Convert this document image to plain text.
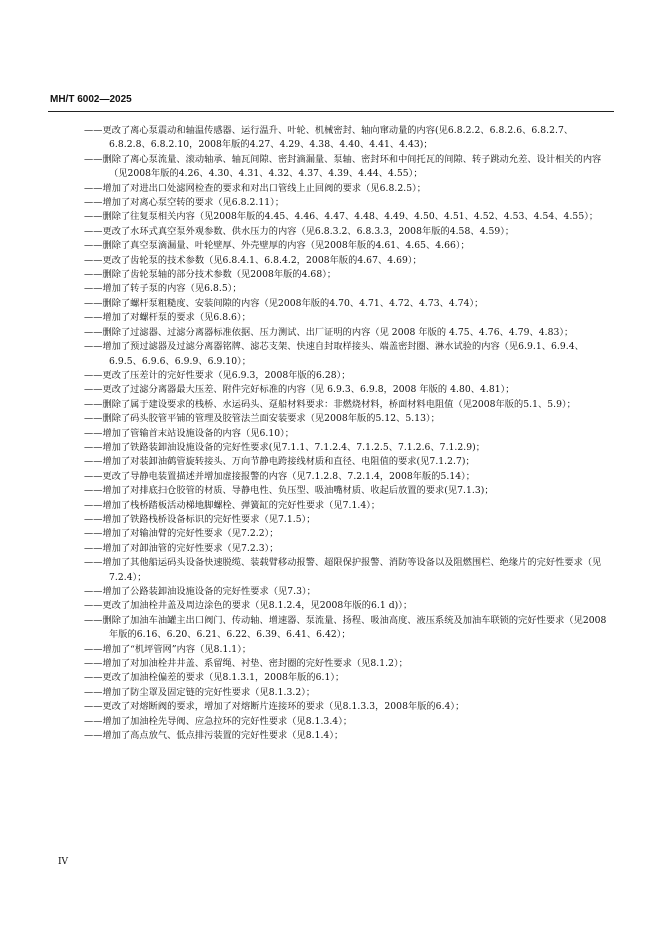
MH/T 6002—2025
——更改了离心泵震动和轴温传感器、运行温升、叶轮、机械密封、轴向窜动量的内容(见6.8.2.2、6.8.2.6、6.8.2.7、6.8.2.8、6.8.2.10，2008年版的4.27、4.29、4.38、4.40、4.41、4.43)；
——删除了离心泵流量、滚动轴承、轴瓦间隙、密封滴漏量、泵轴、密封环和中间托瓦的间隙、转子跳动允差、设计相关的内容（见2008年版的4.26、4.30、4.31、4.32、4.37、4.39、4.44、4.55）；
——增加了对进出口处滤网检查的要求和对出口管线上止回阀的要求（见6.8.2.5）；
——增加了对离心泵空转的要求（见6.8.2.11）；
——删除了往复泵相关内容（见2008年版的4.45、4.46、4.47、4.48、4.49、4.50、4.51、4.52、4.53、4.54、4.55）；
——更改了水环式真空泵外观参数、供水压力的内容（见6.8.3.2、6.8.3.3，2008年版的4.58、4.59）；
——删除了真空泵滴漏量、叶轮壁厚、外壳壁厚的内容（见2008年版的4.61、4.65、4.66）；
——更改了齿轮泵的技术参数（见6.8.4.1、6.8.4.2，2008年版的4.67、4.69）；
——删除了齿轮泵轴的部分技术参数（见2008年版的4.68）；
——增加了转子泵的内容（见6.8.5）；
——删除了螺杆泵粗糙度、安装间隙的内容（见2008年版的4.70、4.71、4.72、4.73、4.74）；
——增加了对螺杆泵的要求（见6.8.6）；
——删除了过滤器、过滤分离器标准依据、压力测试、出厂证明的内容（见 2008 年版的 4.75、4.76、4.79、4.83）；
——增加了预过滤器及过滤分离器铭牌、滤芯支架、快速自封取样接头、端盖密封圈、淋水试验的内容（见6.9.1、6.9.4、6.9.5、6.9.6、6.9.9、6.9.10）；
——更改了压差计的完好性要求（见6.9.3，2008年版的6.28）；
——更改了过滤分离器最大压差、附件完好标准的内容（见 6.9.3、6.9.8，2008 年版的 4.80、4.81）；
——删除了属于建设要求的栈桥、水运码头、趸船材料要求：非燃烧材料，桥面材料电阻值（见2008年版的5.1、5.9）；
——删除了码头胶管平铺的管理及胶管法兰面安装要求（见2008年版的5.12、5.13）；
——增加了管输首末站设施设备的内容（见6.10）；
——增加了铁路装卸油设施设备的完好性要求(见7.1.1、7.1.2.4、7.1.2.5、7.1.2.6、7.1.2.9)；
——增加了对装卸油鹤管旋转接头、万向节静电跨接线材质和直径、电阻值的要求(见7.1.2.7)；
——更改了导静电装置描述并增加虚接报警的内容（见7.1.2.8、7.2.1.4，2008年版的5.14）；
——增加了对排底扫仓胶管的材质、导静电性、负压型、吸油嘴材质、收起后放置的要求(见7.1.3)；
——增加了栈桥踏板活动梯地脚螺栓、弹簧缸的完好性要求（见7.1.4）；
——增加了铁路栈桥设备标识的完好性要求（见7.1.5）；
——增加了对输油臂的完好性要求（见7.2.2）；
——增加了对卸油管的完好性要求（见7.2.3）；
——增加了其他船运码头设备快速脱缆、装载臂移动报警、超限保护报警、消防等设备以及阻燃围栏、绝缘片的完好性要求（见7.2.4）；
——增加了公路装卸油设施设备的完好性要求（见7.3）；
——更改了加油栓井盖及周边涂色的要求（见8.1.2.4，见2008年版的6.1 d)）；
——删除了加油车油罐主出口阀门、传动轴、增速器、泵流量、扬程、吸油高度、液压系统及加油车联锁的完好性要求（见2008年版的6.16、6.20、6.21、6.22、6.39、6.41、6.42）；
——增加了“机坪管网”内容（见8.1.1）；
——增加了对加油栓井井盖、系留绳、衬垫、密封圈的完好性要求（见8.1.2）；
——更改了加油栓偏差的要求（见8.1.3.1，2008年版的6.1）；
——增加了防尘罩及固定链的完好性要求（见8.1.3.2）；
——更改了对熔断阀的要求，增加了对熔断片连接环的要求（见8.1.3.3，2008年版的6.4）；
——增加了加油栓先导阀、应急拉环的完好性要求（见8.1.3.4）；
——增加了高点放气、低点排污装置的完好性要求（见8.1.4）；
IV
